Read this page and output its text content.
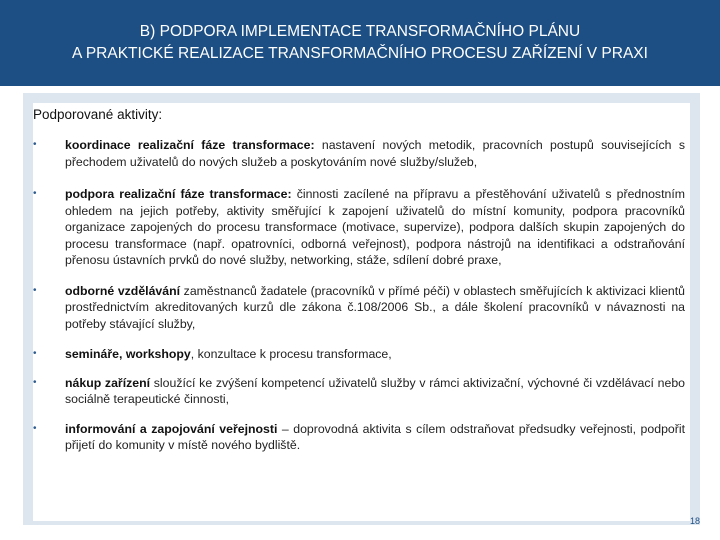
B) PODPORA IMPLEMENTACE TRANSFORMAČNÍHO PLÁNU
A PRAKTICKÉ REALIZACE TRANSFORMAČNÍHO PROCESU ZAŘÍZENÍ V PRAXI
Podporované aktivity:
• koordinace realizační fáze transformace: nastavení nových metodik, pracovních postupů souvisejících s přechodem uživatelů do nových služeb a poskytováním nové služby/služeb,
• podpora realizační fáze transformace: činnosti zacílené na přípravu a přestěhování uživatelů s přednostním ohledem na jejich potřeby, aktivity směřující k zapojení uživatelů do místní komunity, podpora pracovníků organizace zapojených do procesu transformace (motivace, supervize), podpora dalších skupin zapojených do procesu transformace (např. opatrovníci, odborná veřejnost), podpora nástrojů na identifikaci a odstraňování přenosu ústavních prvků do nové služby, networking, stáže, sdílení dobré praxe,
• odborné vzdělávání zaměstnanců žadatele (pracovníků v přímé péči) v oblastech směřujících k aktivizaci klientů prostřednictvím akreditovaných kurzů dle zákona č.108/2006 Sb., a dále školení pracovníků v návaznosti na potřeby stávající služby,
• semináře, workshopy, konzultace k procesu transformace,
• nákup zařízení sloužící ke zvýšení kompetencí uživatelů služby v rámci aktivizační, výchovné či vzdělávací nebo sociálně terapeutické činnosti,
• informování a zapojování veřejnosti – doprovodná aktivita s cílem odstraňovat předsudky veřejnosti, podpořit přijetí do komunity v místě nového bydliště.
18
